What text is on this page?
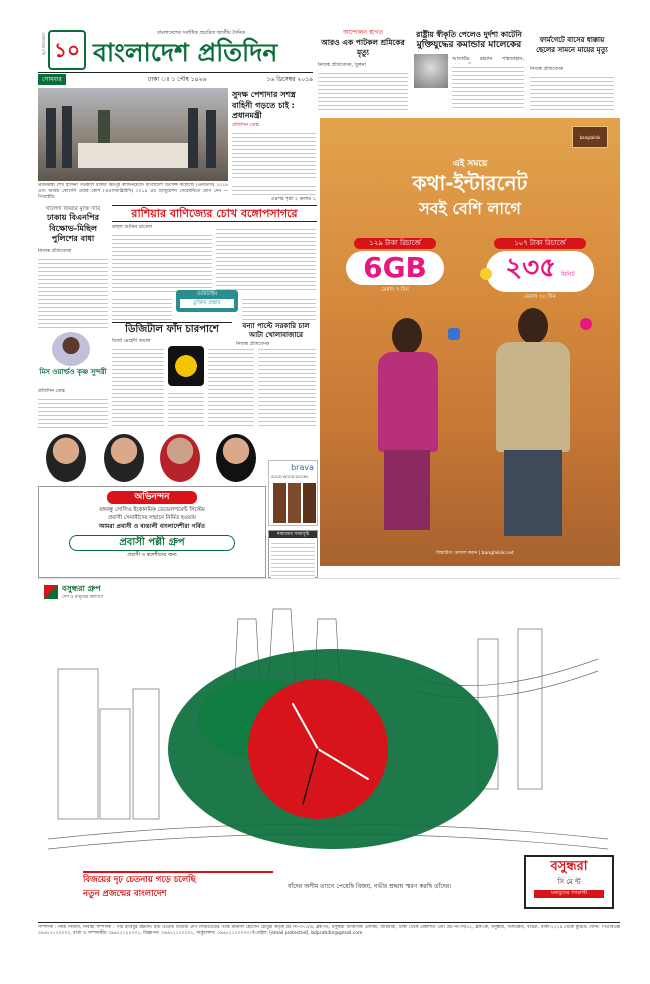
মেজাজের দৃষ্টি ১০
বাংলাদেশের সর্বাধিক প্রচারিত জাতীয় দৈনিক
বাংলাদেশ প্রতিদিন
সোমবার	ঢাকা ঃ ১ পৌষ ১৪২৬	১৬ ডিসেম্বর ২০১৯
আন্দোলন স্থগিত
আরও এক পাটকল শ্রমিকের মৃত্যু
নিজস্ব প্রতিবেদক, খুলনা
রাষ্ট্রীয় স্বীকৃতি পেলেও দুর্দশা কাটেনি
মুক্তিযুদ্ধের কমান্ডার মালেকের
আতাউর রহমান শাহজাহান,
ফার্মগেটে বাসের ধাক্কায় ছেলের সামনে মায়ের মৃত্যু
নিজস্ব প্রতিবেদক
সুদক্ষ পেশাদার সশস্ত্র বাহিনী গড়তে চাই : প্রধানমন্ত্রী
প্রতিদিন ডেস্ক
প্রধানমন্ত্রী শেখ হাসিনা গতকাল ঢাকার মিরপুর ক্যান্টনমেন্টে বাংলাদেশ ডিফেন্স কলেজে (এনডিসি) ২০১৯ এবং আর্মড ফোর্সেস ওয়ার কোর্স (এএফডাব্লিউসি) ২০১৯ এর গ্রাজুয়েশন সেরেমনিতে যোগ দেন — পিআইডি	এরপর পৃষ্ঠা ২ কলাম ১
খালেদা জিয়ার মুক্তি দাবি
ঢাকায় বিএনপির বিক্ষোভ-মিছিল পুলিশের বাধা
নিজস্ব প্রতিবেদক
রাশিয়ার বাণিজ্যের চোখ বঙ্গোপসাগরে
রুহুল আমিন রাসেল
মেরিটাইম
চুক্তির প্রস্তাব
ডিজিটাল ফাঁদ চারপাশে
মির্জা মেহেদী তমাল
বন্যা পাল্টে সরকারি চাল আটা খোলাবাজারে
নিজস্ব প্রতিবেদক
মিস ওয়ার্ল্ডও কৃষ্ণ সুন্দরী
প্রতিদিন ডেস্ক
অভিনন্দন
বঙ্গবন্ধু সোসিও ইকোনমিক ডেভেলপমেন্ট সিস্টেম
প্রবাসী সেনানীদের সম্মানে নির্মিত হওয়ায়
আমরা প্রবাসী ও বাঙালী বাংলাদেশীরা গর্বিত
প্রবাসী পল্লী গ্রুপ
প্রবাসী ও স্বদেশীদের জন্য
brava
SOLID WOOD DOORS
নামাজের সময়সূচি
banglalink
এই সময়ে
কথা-ইন্টারনেট
সবই বেশি লাগে
১২৯ টাকা রিচার্জে
6GB
মেয়াদ ৭ দিন
১০৭ টাকা রিচার্জে
২৩৫ মিনিট
মেয়াদ ৩০ দিন
বিস্তারিত: ডায়াল করুন | banglalink.net
বসুন্ধরা গ্রুপ
দেশ ও মানুষের কল্যাণে
বিজয়ের দৃঢ় চেতনায় গড়ে চলেছি
নতুন প্রজন্মের বাংলাদেশ
যাঁদের অসীম ত্যাগে পেয়েছি বিজয়, গভীর শ্রদ্ধায় স্মরণ করছি তাঁদের।
বসুন্ধরা
সি মে ন্ট
মজবুতের গ্যারান্টি
সম্পাদক : নঈম নিজাম, নির্বাহী সম্পাদক : পীর হাবিবুর রহমান। ইস্ট ওয়েস্ট মিডিয়া গ্রুপ লিমিটেডের পক্ষে ময়নাল হোসেন চৌধুরী কর্তৃক প্লট নং-৩৭১/এ, ব্লক-ডি, বসুন্ধরা আবাসিক এলাকা, বারিধারা, ঢাকা থেকে প্রকাশিত এবং প্লট নং-সি/৫২, ব্লক-কে, বসুন্ধরা, খিলক্ষেত, বাড্ডা, ঢাকা-১২২৯ থেকে মুদ্রিত। ফোন: পিএবিএক্স ০৯৬১২১২০০০০, বার্তা ও সম্পাদকীয় ০৯৬১২১২০০০১, বিজ্ঞাপন: ০৯৬১২১২০০০২, সার্কুলেশন: ০৯৬১২১২০০০৩। ই-মেইল: [email protected], bdpratidin@gmail.com
